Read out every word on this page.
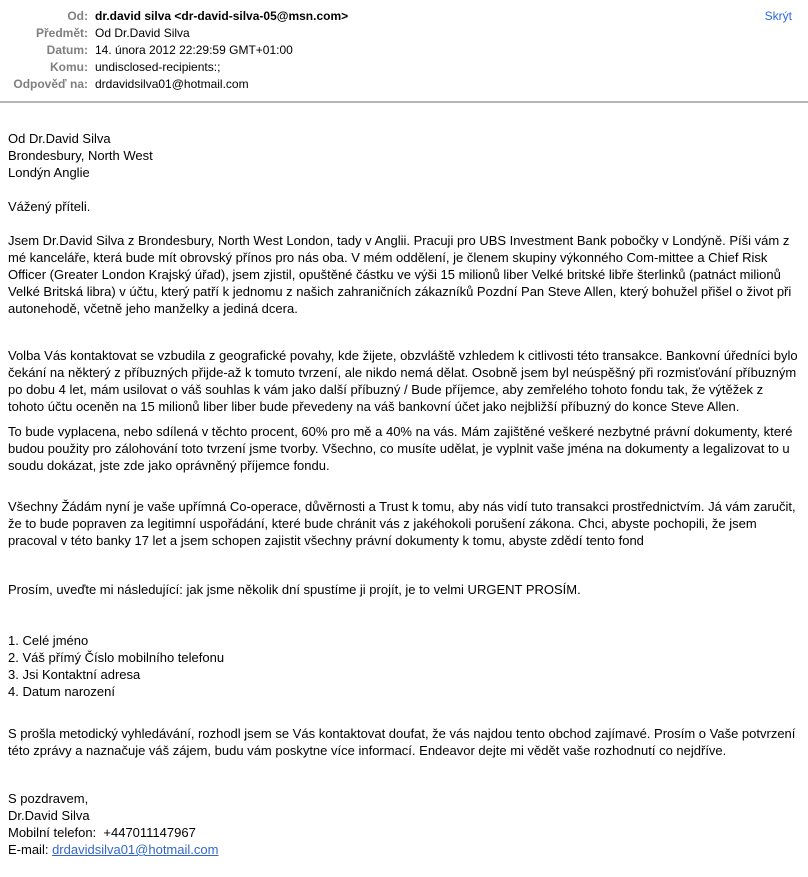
Skrýt
Od: dr.david silva <dr-david-silva-05@msn.com>
Předmět: Od Dr.David Silva
Datum: 14. února 2012 22:29:59 GMT+01:00
Komu: undisclosed-recipients:;
Odpověď na: drdavidsilva01@hotmail.com
Od Dr.David Silva
Brondesbury, North West
Londýn Anglie
Vážený příteli.
Jsem Dr.David Silva z Brondesbury, North West London, tady v Anglii. Pracuji pro UBS Investment Bank pobočky v Londýně. Píši vám z mé kanceláře, která bude mít obrovský přínos pro nás oba. V mém oddělení, je členem skupiny výkonného Com-mittee a Chief Risk Officer (Greater London Krajský úřad), jsem zjistil, opuštěné částku ve výši 15 milionů liber Velké britské libře šterlinků (patnáct milionů Velké Britská libra) v účtu, který patří k jednomu z našich zahraničních zákazníků Pozdní Pan Steve Allen, který bohužel přišel o život při autonehodě, včetně jeho manželky a jediná dcera.
Volba Vás kontaktovat se vzbudila z geografické povahy, kde žijete, obzvláště vzhledem k citlivosti této transakce. Bankovní úředníci bylo čekání na některý z příbuzných přijde-až k tomuto tvrzení, ale nikdo nemá dělat. Osobně jsem byl neúspěšný při rozmisťování příbuzným po dobu 4 let, mám usilovat o váš souhlas k vám jako další příbuzný / Bude příjemce, aby zemřelého tohoto fondu tak, že výtěžek z tohoto účtu oceněn na 15 milionů liber liber bude převedeny na váš bankovní účet jako nejbližší příbuzný do konce Steve Allen.
To bude vyplacena, nebo sdílená v těchto procent, 60% pro mě a 40% na vás. Mám zajištěné veškeré nezbytné právní dokumenty, které budou použity pro zálohování toto tvrzení jsme tvorby. Všechno, co musíte udělat, je vyplnit vaše jména na dokumenty a legalizovat to u soudu dokázat, jste zde jako oprávněný příjemce fondu.
Všechny Žádám nyní je vaše upřímná Co-operace, důvěrnosti a Trust k tomu, aby nás vidí tuto transakci prostřednictvím. Já vám zaručit, že to bude popraven za legitimní uspořádání, které bude chránit vás z jakéhokoli porušení zákona. Chci, abyste pochopili, že jsem pracoval v této banky 17 let a jsem schopen zajistit všechny právní dokumenty k tomu, abyste zdědí tento fond
Prosím, uveďte mi následující: jak jsme několik dní spustíme ji projít, je to velmi URGENT PROSÍM.
1. Celé jméno
2. Váš přímý Číslo mobilního telefonu
3. Jsi Kontaktní adresa
4. Datum narození
S prošla metodický vyhledávání, rozhodl jsem se Vás kontaktovat doufat, že vás najdou tento obchod zajímavé. Prosím o Vaše potvrzení této zprávy a naznačuje váš zájem, budu vám poskytne více informací. Endeavor dejte mi vědět vaše rozhodnutí co nejdříve.
S pozdravem,
Dr.David Silva
Mobilní telefon:  +447011147967
E-mail: drdavidsilva01@hotmail.com
